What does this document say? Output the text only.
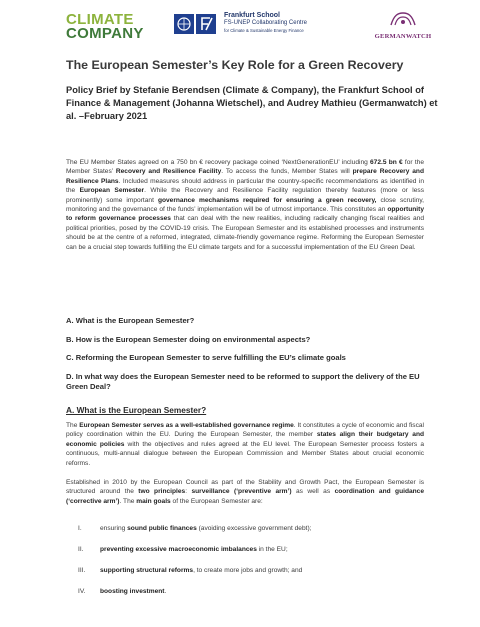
CLIMATE
COMPANY
Frankfurt School
FS-UNEP Collaborating Centre
for Climate & Sustainable Energy Finance
GERMANWATCH
The European Semester’s Key Role for a Green Recovery
Policy Brief by Stefanie Berendsen (Climate & Company), the Frankfurt School of Finance & Management (Johanna Wietschel), and Audrey Mathieu (Germanwatch) et al. –February 2021
The EU Member States agreed on a 750 bn € recovery package coined ‘NextGenerationEU’ including 672.5 bn € for the Member States’ Recovery and Resilience Facility. To access the funds, Member States will prepare Recovery and Resilience Plans. Included measures should address in particular the country-specific recommendations as identified in the European Semester. While the Recovery and Resilience Facility regulation thereby features (more or less prominently) some important governance mechanisms required for ensuring a green recovery, close scrutiny, monitoring and the governance of the funds’ implementation will be of utmost importance. This constitutes an opportunity to reform governance processes that can deal with the new realities, including radically changing fiscal realities and political priorities, posed by the COVID-19 crisis. The European Semester and its established processes and instruments should be at the centre of a reformed, integrated, climate-friendly governance regime. Reforming the European Semester can be a crucial step towards fulfilling the EU climate targets and for a successful implementation of the EU Green Deal.
A. What is the European Semester?
B. How is the European Semester doing on environmental aspects?
C. Reforming the European Semester to serve fulfilling the EU’s climate goals
D. In what way does the European Semester need to be reformed to support the delivery of the EU Green Deal?
A. What is the European Semester?
The European Semester serves as a well-established governance regime. It constitutes a cycle of economic and fiscal policy coordination within the EU. During the European Semester, the member states align their budgetary and economic policies with the objectives and rules agreed at the EU level. The European Semester process fosters a continuous, multi-annual dialogue between the European Commission and Member States about crucial economic reforms.
Established in 2010 by the European Council as part of the Stability and Growth Pact, the European Semester is structured around the two principles: surveillance (‘preventive arm’) as well as coordination and guidance (‘corrective arm’). The main goals of the European Semester are:
I.	ensuring sound public finances (avoiding excessive government debt);
II.	preventing excessive macroeconomic imbalances in the EU;
III.	supporting structural reforms, to create more jobs and growth; and
IV.	boosting investment.
